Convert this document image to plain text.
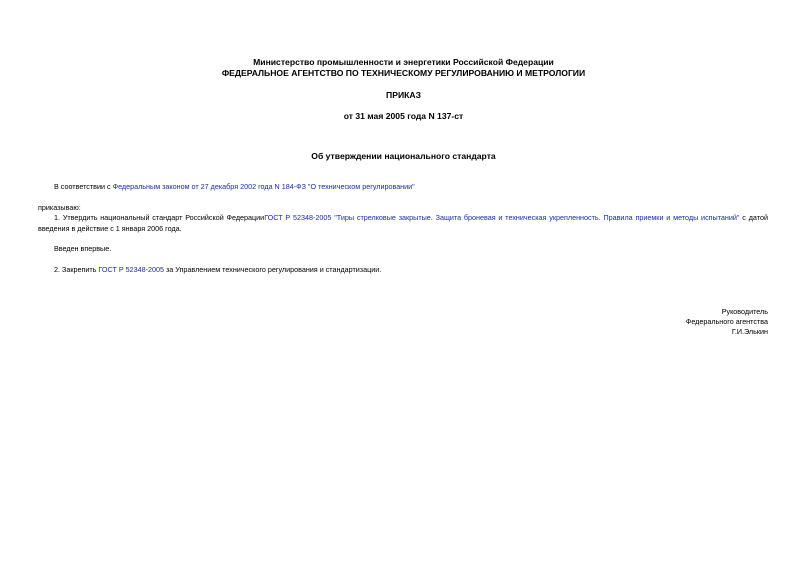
Министерство промышленности и энергетики Российской Федерации
ФЕДЕРАЛЬНОЕ АГЕНТСТВО ПО ТЕХНИЧЕСКОМУ РЕГУЛИРОВАНИЮ И МЕТРОЛОГИИ
ПРИКАЗ
от 31 мая 2005 года N 137-ст
Об утверждении национального стандарта
В соответствии с Федеральным законом от 27 декабря 2002 года N 184-ФЗ "О техническом регулировании"
приказываю:
1. Утвердить национальный стандарт Российской ФедерацииГОСТ Р 52348-2005 "Тиры стрелковые закрытые. Защита броневая и техническая укрепленность. Правила приемки и методы испытаний" с датой
введения в действие с 1 января 2006 года.
Введен впервые.
2. Закрепить ГОСТ Р 52348-2005 за Управлением технического регулирования и стандартизации.
Руководитель
Федерального агентства
Г.И.Элькин
